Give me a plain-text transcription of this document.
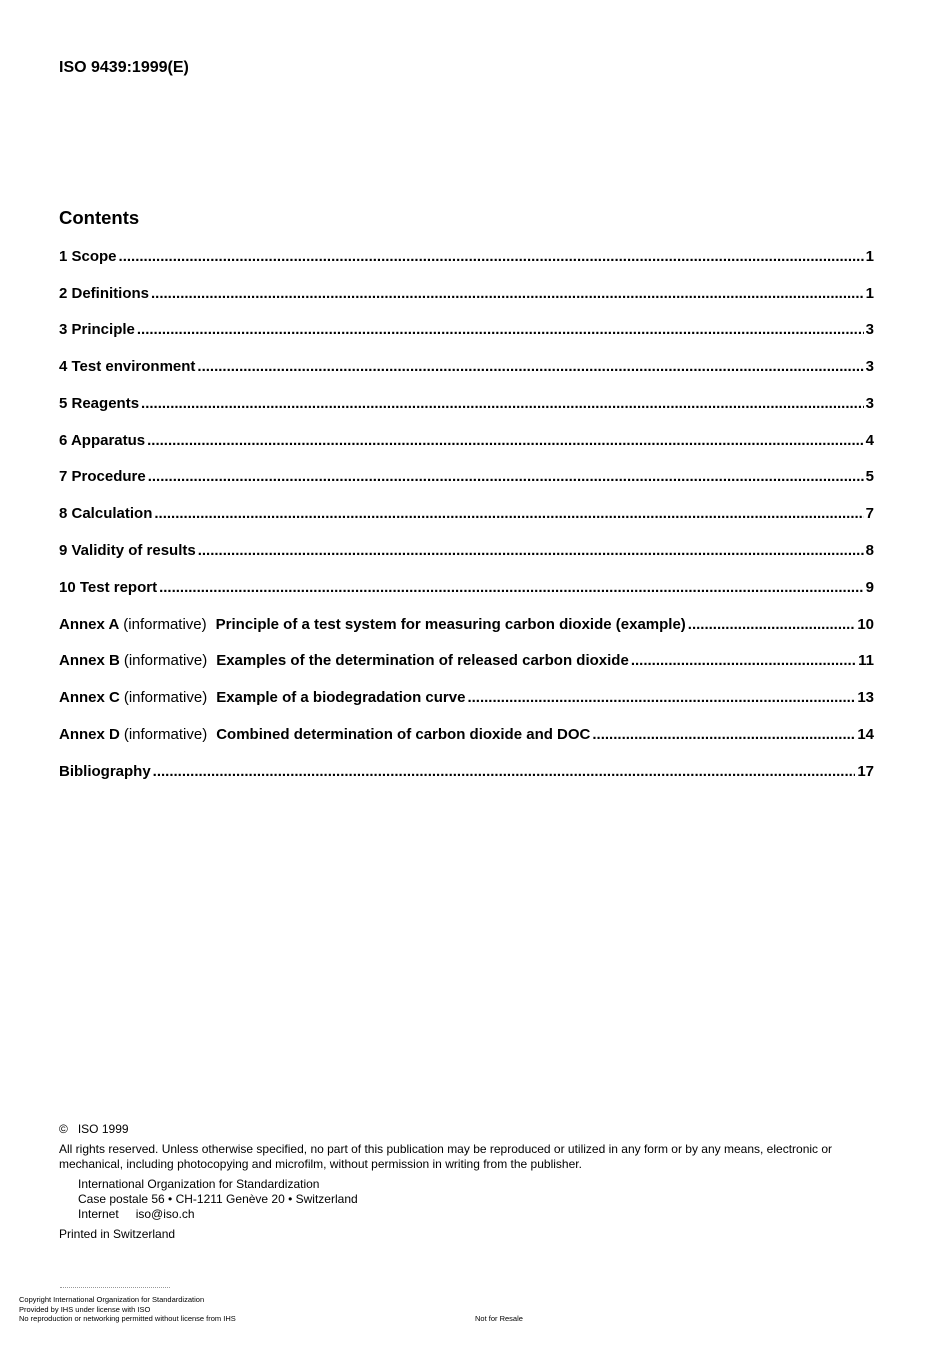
ISO 9439:1999(E)
Contents
1 Scope .....	1
2 Definitions .....	1
3 Principle .....	3
4 Test environment .....	3
5 Reagents .....	3
6 Apparatus .....	4
7 Procedure .....	5
8 Calculation .....	7
9 Validity of results .....	8
10 Test report .....	9
Annex A (informative) Principle of a test system for measuring carbon dioxide (example) .....	10
Annex B (informative) Examples of the determination of released carbon dioxide .....	11
Annex C (informative) Example of a biodegradation curve .....	13
Annex D (informative) Combined determination of carbon dioxide and DOC .....	14
Bibliography .....	17
© ISO 1999
All rights reserved. Unless otherwise specified, no part of this publication may be reproduced or utilized in any form or by any means, electronic or mechanical, including photocopying and microfilm, without permission in writing from the publisher.
International Organization for Standardization
Case postale 56 • CH-1211 Genève 20 • Switzerland
Internet iso@iso.ch
Printed in Switzerland
Copyright International Organization for Standardization
Provided by IHS under license with ISO
No reproduction or networking permitted without license from IHS	Not for Resale
